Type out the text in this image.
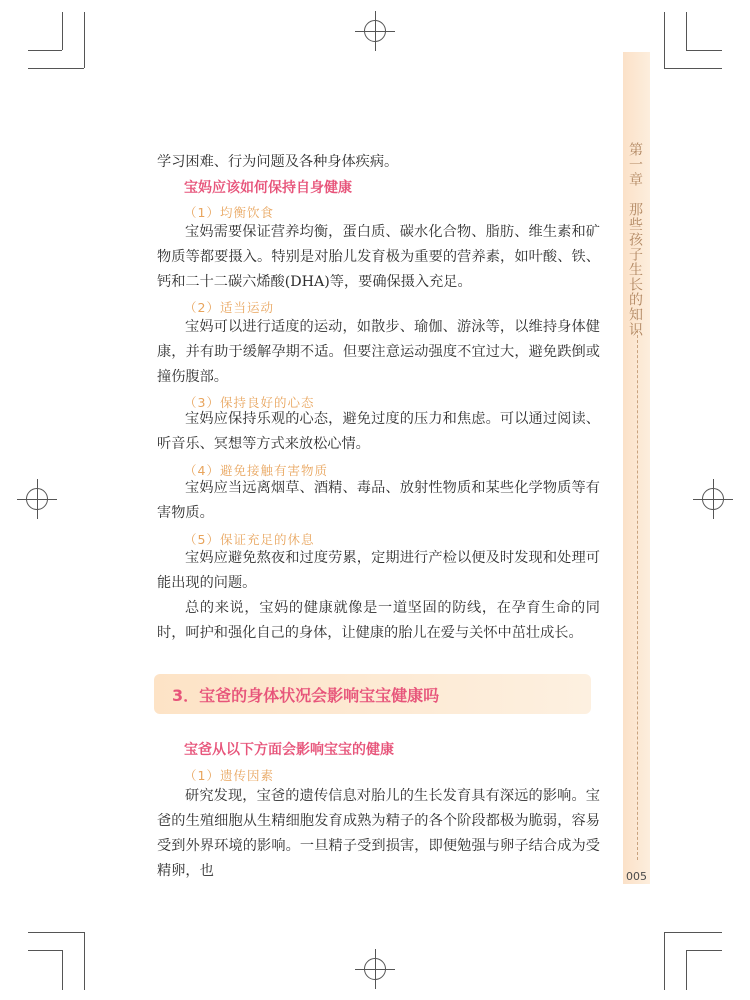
第一章　那些孩子生长的知识
005
学习困难、行为问题及各种身体疾病。
宝妈应该如何保持自身健康
（1）均衡饮食
宝妈需要保证营养均衡，蛋白质、碳水化合物、脂肪、维生素和矿物质等都要摄入。特别是对胎儿发育极为重要的营养素，如叶酸、铁、钙和二十二碳六烯酸(DHA)等，要确保摄入充足。
（2）适当运动
宝妈可以进行适度的运动，如散步、瑜伽、游泳等，以维持身体健康，并有助于缓解孕期不适。但要注意运动强度不宜过大，避免跌倒或撞伤腹部。
（3）保持良好的心态
宝妈应保持乐观的心态，避免过度的压力和焦虑。可以通过阅读、听音乐、冥想等方式来放松心情。
（4）避免接触有害物质
宝妈应当远离烟草、酒精、毒品、放射性物质和某些化学物质等有害物质。
（5）保证充足的休息
宝妈应避免熬夜和过度劳累，定期进行产检以便及时发现和处理可能出现的问题。
总的来说，宝妈的健康就像是一道坚固的防线，在孕育生命的同时，呵护和强化自己的身体，让健康的胎儿在爱与关怀中茁壮成长。
3．宝爸的身体状况会影响宝宝健康吗
宝爸从以下方面会影响宝宝的健康
（1）遗传因素
研究发现，宝爸的遗传信息对胎儿的生长发育具有深远的影响。宝爸的生殖细胞从生精细胞发育成熟为精子的各个阶段都极为脆弱，容易受到外界环境的影响。一旦精子受到损害，即便勉强与卵子结合成为受精卵，也
